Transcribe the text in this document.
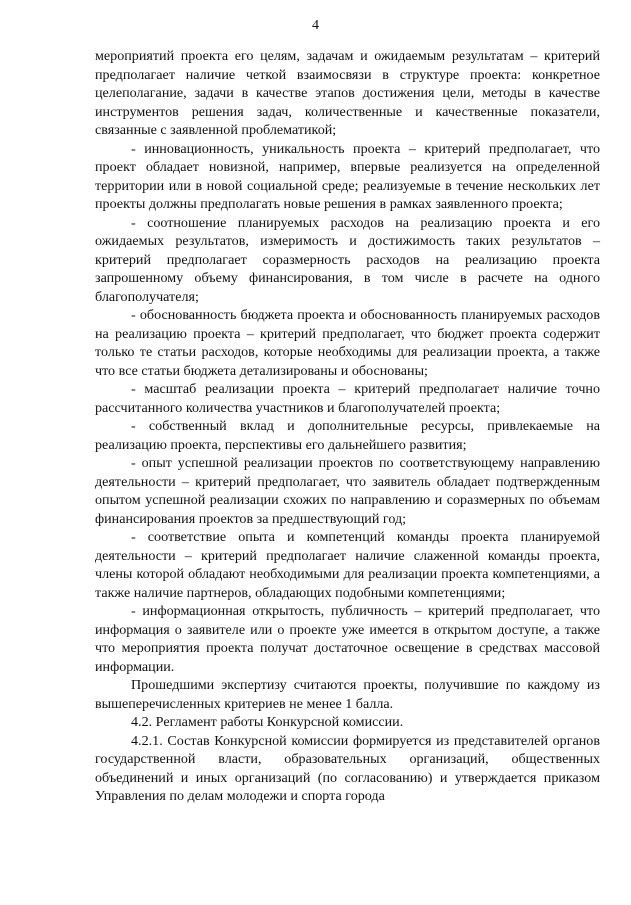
4

мероприятий проекта его целям, задачам и ожидаемым результатам – критерий предполагает наличие четкой взаимосвязи в структуре проекта: конкретное целеполагание, задачи в качестве этапов достижения цели, методы в качестве инструментов решения задач, количественные и качественные показатели, связанные с заявленной проблематикой;

- инновационность, уникальность проекта – критерий предполагает, что проект обладает новизной, например, впервые реализуется на определенной территории или в новой социальной среде; реализуемые в течение нескольких лет проекты должны предполагать новые решения в рамках заявленного проекта;

- соотношение планируемых расходов на реализацию проекта и его ожидаемых результатов, измеримость и достижимость таких результатов – критерий предполагает соразмерность расходов на реализацию проекта запрошенному объему финансирования, в том числе в расчете на одного благополучателя;

- обоснованность бюджета проекта и обоснованность планируемых расходов на реализацию проекта – критерий предполагает, что бюджет проекта содержит только те статьи расходов, которые необходимы для реализации проекта, а также что все статьи бюджета детализированы и обоснованы;

- масштаб реализации проекта – критерий предполагает наличие точно рассчитанного количества участников и благополучателей проекта;

- собственный вклад и дополнительные ресурсы, привлекаемые на реализацию проекта, перспективы его дальнейшего развития;

- опыт успешной реализации проектов по соответствующему направлению деятельности – критерий предполагает, что заявитель обладает подтвержденным опытом успешной реализации схожих по направлению и соразмерных по объемам финансирования проектов за предшествующий год;

- соответствие опыта и компетенций команды проекта планируемой деятельности – критерий предполагает наличие слаженной команды проекта, члены которой обладают необходимыми для реализации проекта компетенциями, а также наличие партнеров, обладающих подобными компетенциями;

- информационная открытость, публичность – критерий предполагает, что информация о заявителе или о проекте уже имеется в открытом доступе, а также что мероприятия проекта получат достаточное освещение в средствах массовой информации.

Прошедшими экспертизу считаются проекты, получившие по каждому из вышеперечисленных критериев не менее 1 балла.

4.2. Регламент работы Конкурсной комиссии.

4.2.1. Состав Конкурсной комиссии формируется из представителей органов государственной власти, образовательных организаций, общественных объединений и иных организаций (по согласованию) и утверждается приказом Управления по делам молодежи и спорта города
